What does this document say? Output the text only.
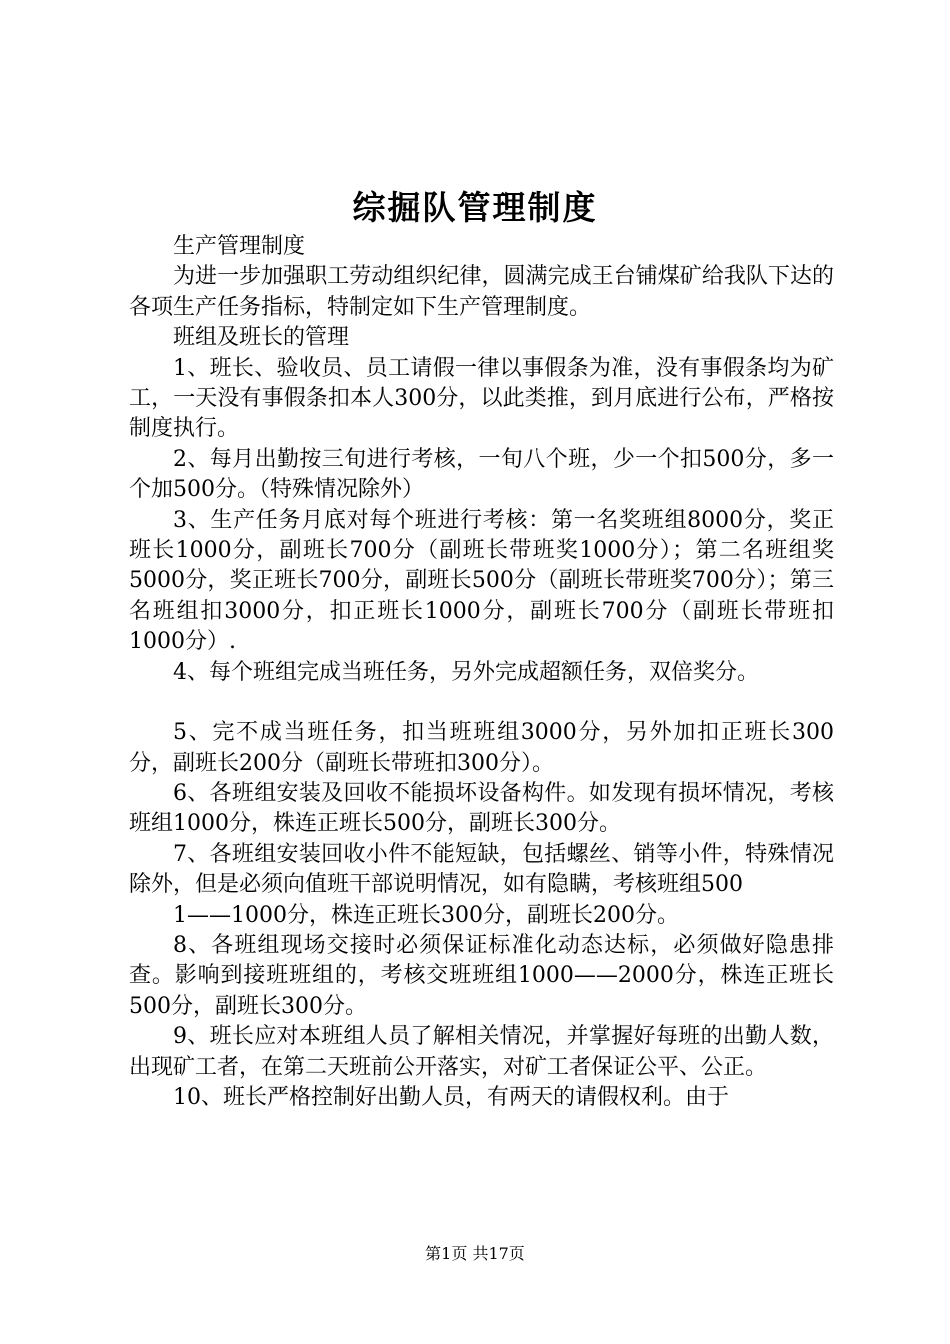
综掘队管理制度

生产管理制度

为进一步加强职工劳动组织纪律，圆满完成王台铺煤矿给我队下达的各项生产任务指标，特制定如下生产管理制度。

班组及班长的管理

1、班长、验收员、员工请假一律以事假条为准，没有事假条均为矿工，一天没有事假条扣本人300分，以此类推，到月底进行公布，严格按制度执行。

2、每月出勤按三旬进行考核，一旬八个班，少一个扣500分，多一个加500分。（特殊情况除外）

3、生产任务月底对每个班进行考核：第一名奖班组8000分，奖正班长1000分，副班长700分（副班长带班奖1000分）；第二名班组奖5000分，奖正班长700分，副班长500分（副班长带班奖700分）；第三名班组扣3000分，扣正班长1000分，副班长700分（副班长带班扣1000分）.

4、每个班组完成当班任务，另外完成超额任务，双倍奖分。

5、完不成当班任务，扣当班班组3000分，另外加扣正班长300分，副班长200分（副班长带班扣300分）。

6、各班组安装及回收不能损坏设备构件。如发现有损坏情况，考核班组1000分，株连正班长500分，副班长300分。

7、各班组安装回收小件不能短缺，包括螺丝、销等小件，特殊情况除外，但是必须向值班干部说明情况，如有隐瞒，考核班组500

1——1000分，株连正班长300分，副班长200分。

8、各班组现场交接时必须保证标准化动态达标，必须做好隐患排查。影响到接班班组的，考核交班班组1000——2000分，株连正班长500分，副班长300分。

9、班长应对本班组人员了解相关情况，并掌握好每班的出勤人数，出现矿工者，在第二天班前公开落实，对矿工者保证公平、公正。

10、班长严格控制好出勤人员，有两天的请假权利。由于

第1页 共17页
